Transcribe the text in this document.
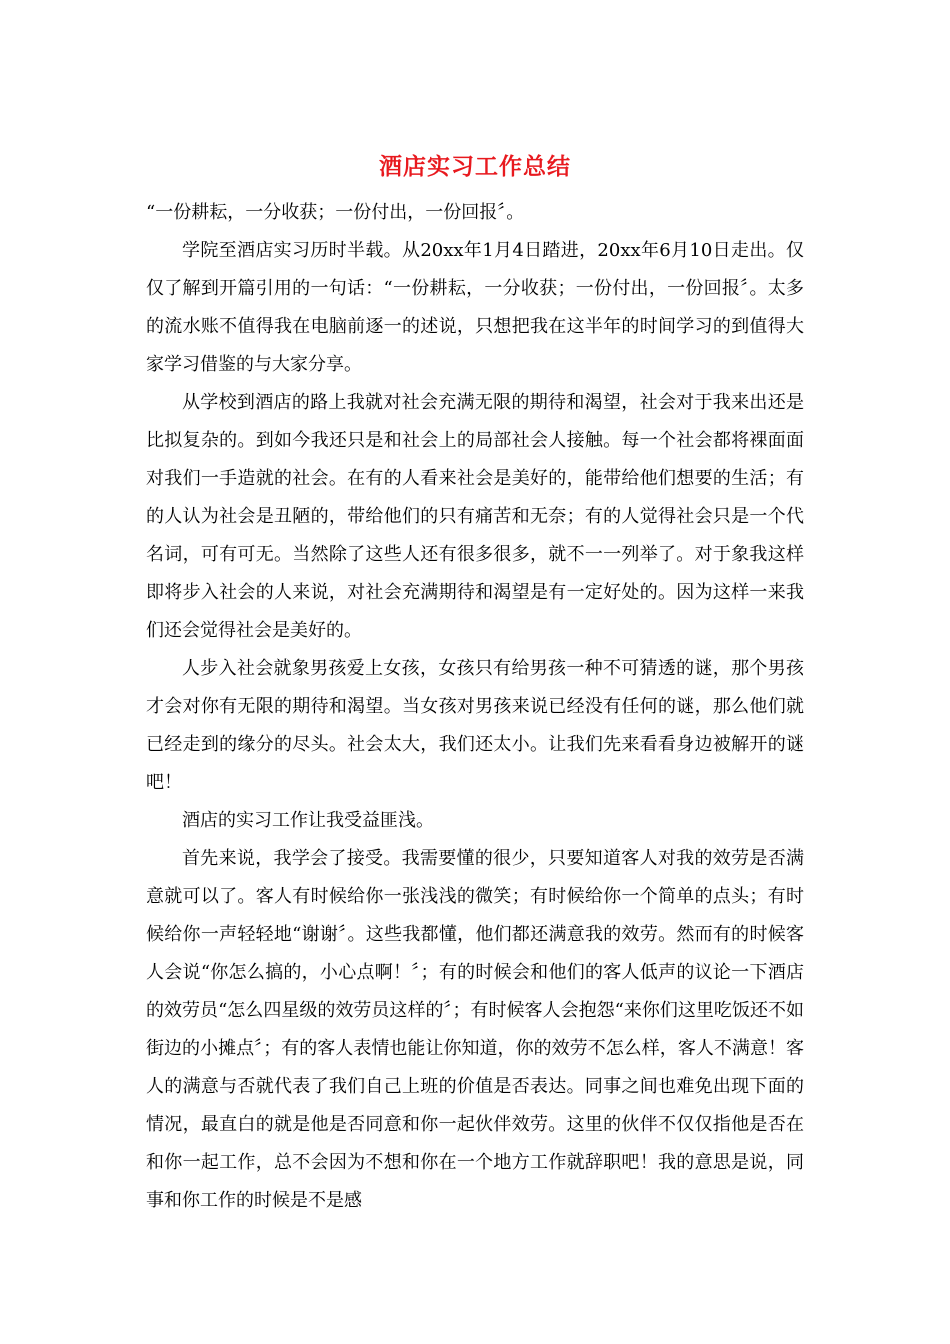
酒店实习工作总结

“一份耕耘，一分收获；一份付出，一份回报〞。

学院至酒店实习历时半载。从20xx年1月4日踏进，20xx年6月10日走出。仅仅了解到开篇引用的一句话：“一份耕耘，一分收获；一份付出，一份回报〞。太多的流水账不值得我在电脑前逐一的述说，只想把我在这半年的时间学习的到值得大家学习借鉴的与大家分享。

从学校到酒店的路上我就对社会充满无限的期待和渴望，社会对于我来出还是比拟复杂的。到如今我还只是和社会上的局部社会人接触。每一个社会都将裸面面对我们一手造就的社会。在有的人看来社会是美好的，能带给他们想要的生活；有的人认为社会是丑陋的，带给他们的只有痛苦和无奈；有的人觉得社会只是一个代名词，可有可无。当然除了这些人还有很多很多，就不一一列举了。对于象我这样即将步入社会的人来说，对社会充满期待和渴望是有一定好处的。因为这样一来我们还会觉得社会是美好的。

人步入社会就象男孩爱上女孩，女孩只有给男孩一种不可猜透的谜，那个男孩才会对你有无限的期待和渴望。当女孩对男孩来说已经没有任何的谜，那么他们就已经走到的缘分的尽头。社会太大，我们还太小。让我们先来看看身边被解开的谜吧！

酒店的实习工作让我受益匪浅。

首先来说，我学会了接受。我需要懂的很少，只要知道客人对我的效劳是否满意就可以了。客人有时候给你一张浅浅的微笑；有时候给你一个简单的点头；有时候给你一声轻轻地“谢谢〞。这些我都懂，他们都还满意我的效劳。然而有的时候客人会说“你怎么搞的，小心点啊！〞；有的时候会和他们的客人低声的议论一下酒店的效劳员“怎么四星级的效劳员这样的〞；有时候客人会抱怨“来你们这里吃饭还不如街边的小摊点〞；有的客人表情也能让你知道，你的效劳不怎么样，客人不满意！客人的满意与否就代表了我们自己上班的价值是否表达。同事之间也难免出现下面的情况，最直白的就是他是否同意和你一起伙伴效劳。这里的伙伴不仅仅指他是否在和你一起工作，总不会因为不想和你在一个地方工作就辞职吧！我的意思是说，同事和你工作的时候是不是感
